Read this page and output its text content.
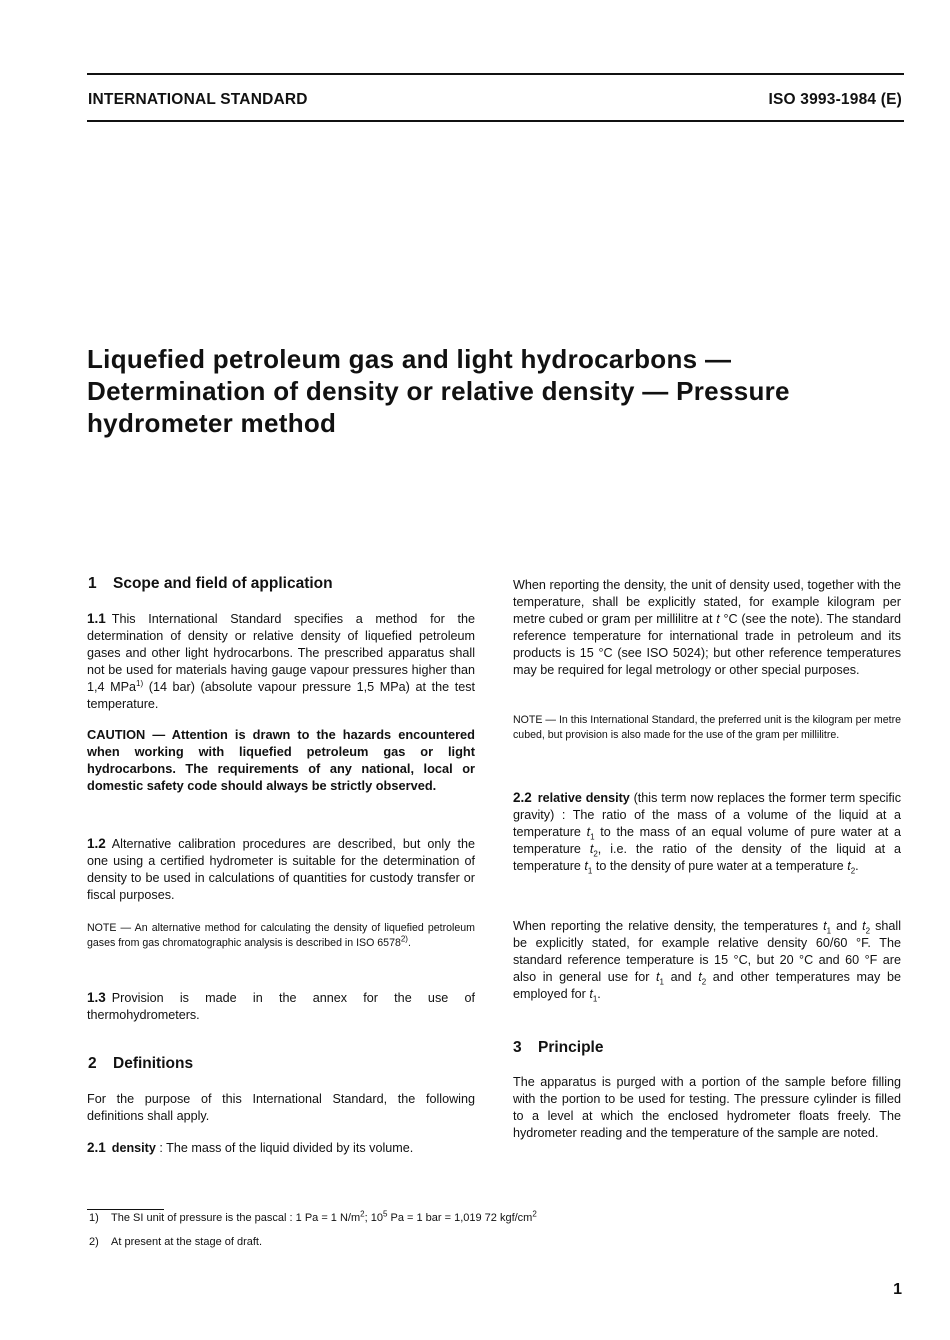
INTERNATIONAL STANDARD	ISO 3993-1984 (E)
Liquefied petroleum gas and light hydrocarbons — Determination of density or relative density — Pressure hydrometer method
1 Scope and field of application

1.1 This International Standard specifies a method for the determination of density or relative density of liquefied petroleum gases and other light hydrocarbons. The prescribed apparatus shall not be used for materials having gauge vapour pressures higher than 1,4 MPa$^{1)}$ (14 bar) (absolute vapour pressure 1,5 MPa) at the test temperature.

CAUTION — Attention is drawn to the hazards encountered when working with liquefied petroleum gas or light hydrocarbons. The requirements of any national, local or domestic safety code should always be strictly observed.

1.2 Alternative calibration procedures are described, but only the one using a certified hydrometer is suitable for the determination of density to be used in calculations of quantities for custody transfer or fiscal purposes.

NOTE — An alternative method for calculating the density of liquefied petroleum gases from gas chromatographic analysis is described in ISO 6578$^{2)}$.

1.3 Provision is made in the annex for the use of thermohydrometers.

2 Definitions

For the purpose of this International Standard, the following definitions shall apply.

2.1 density : The mass of the liquid divided by its volume.

When reporting the density, the unit of density used, together with the temperature, shall be explicitly stated, for example kilogram per metre cubed or gram per millilitre at t °C (see the note). The standard reference temperature for international trade in petroleum and its products is 15 °C (see ISO 5024); but other reference temperatures may be required for legal metrology or other special purposes.

NOTE — In this International Standard, the preferred unit is the kilogram per metre cubed, but provision is also made for the use of the gram per millilitre.

2.2 relative density (this term now replaces the former term specific gravity) : The ratio of the mass of a volume of the liquid at a temperature $t_1$ to the mass of an equal volume of pure water at a temperature $t_2$, i.e. the ratio of the density of the liquid at a temperature $t_1$ to the density of pure water at a temperature $t_2$.

When reporting the relative density, the temperatures $t_1$ and $t_2$ shall be explicitly stated, for example relative density 60/60 °F. The standard reference temperature is 15 °C, but 20 °C and 60 °F are also in general use for $t_1$ and $t_2$ and other temperatures may be employed for $t_1$.

3 Principle

The apparatus is purged with a portion of the sample before filling with the portion to be used for testing. The pressure cylinder is filled to a level at which the enclosed hydrometer floats freely. The hydrometer reading and the temperature of the sample are noted.

1) The SI unit of pressure is the pascal : 1 Pa = 1 $N/m^2$; $10^5$ Pa = 1 bar = 1,019 72 kgf/$cm^2$
2) At present at the stage of draft.
1
